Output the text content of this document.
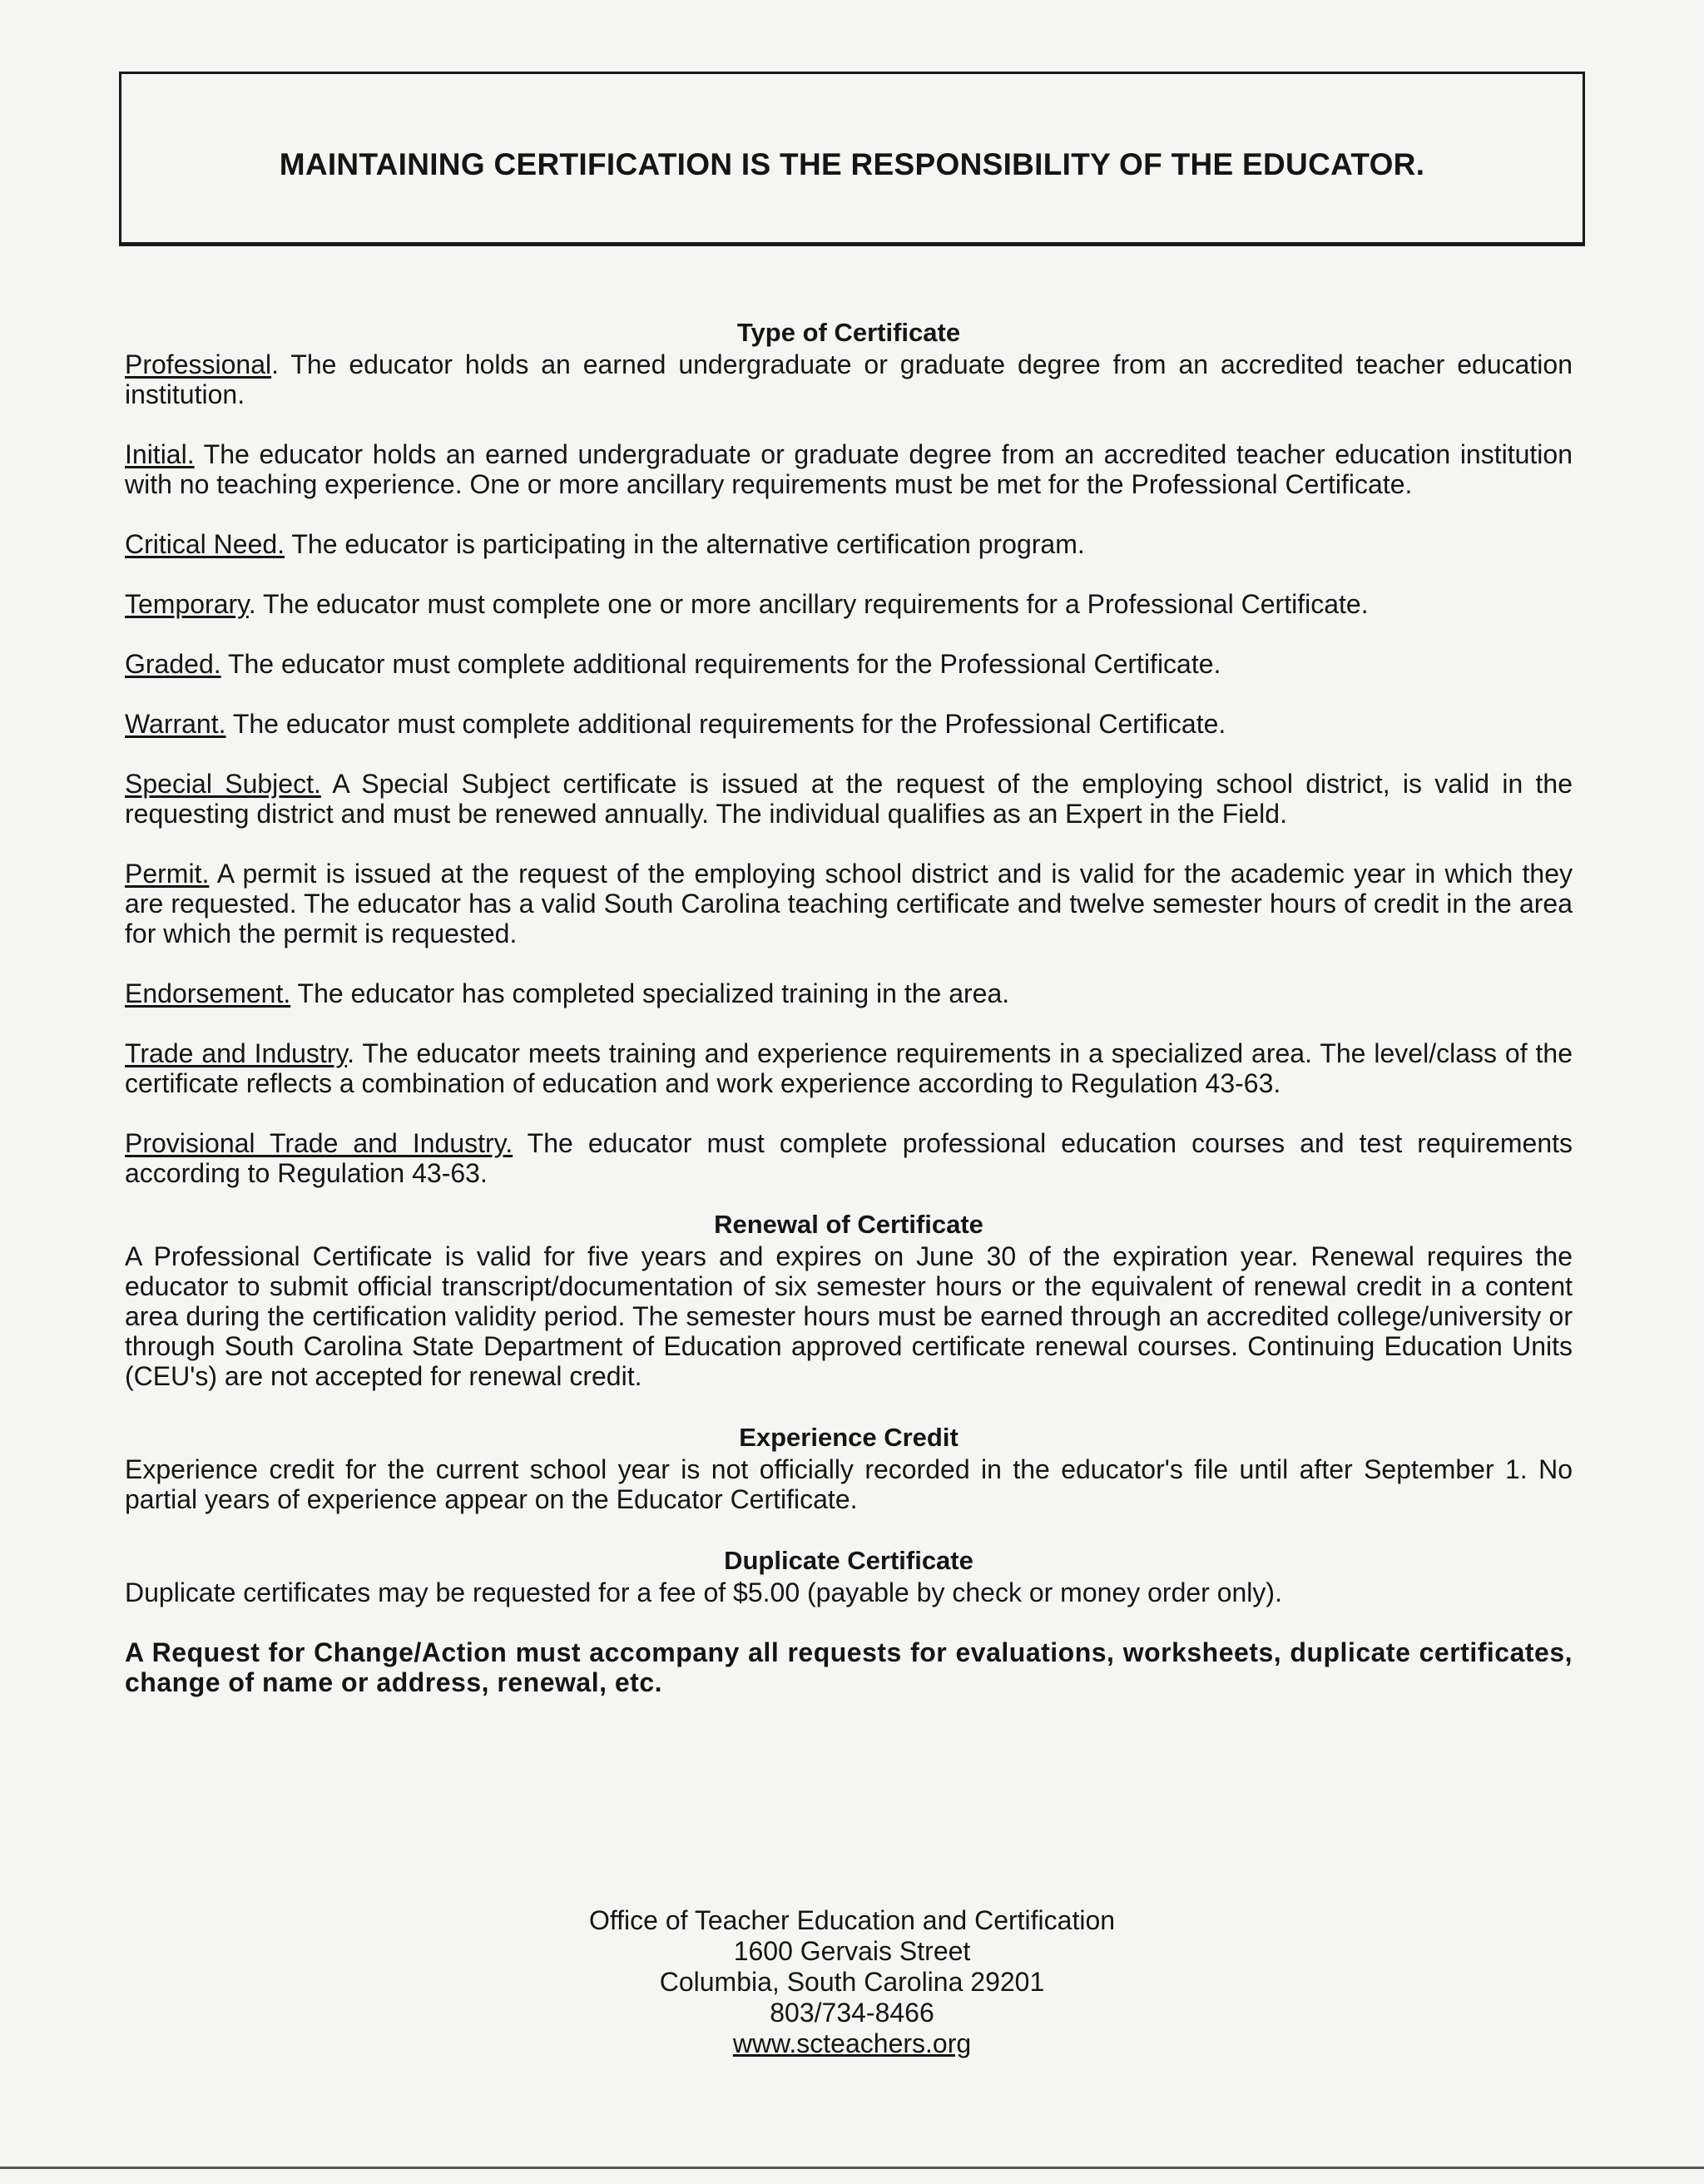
MAINTAINING CERTIFICATION IS THE RESPONSIBILITY OF THE EDUCATOR.
Type of Certificate

Professional. The educator holds an earned undergraduate or graduate degree from an accredited teacher education institution.

Initial. The educator holds an earned undergraduate or graduate degree from an accredited teacher education institution with no teaching experience. One or more ancillary requirements must be met for the Professional Certificate.

Critical Need. The educator is participating in the alternative certification program.

Temporary. The educator must complete one or more ancillary requirements for a Professional Certificate.

Graded. The educator must complete additional requirements for the Professional Certificate.

Warrant. The educator must complete additional requirements for the Professional Certificate.

Special Subject. A Special Subject certificate is issued at the request of the employing school district, is valid in the requesting district and must be renewed annually. The individual qualifies as an Expert in the Field.

Permit. A permit is issued at the request of the employing school district and is valid for the academic year in which they are requested. The educator has a valid South Carolina teaching certificate and twelve semester hours of credit in the area for which the permit is requested.

Endorsement. The educator has completed specialized training in the area.

Trade and Industry. The educator meets training and experience requirements in a specialized area. The level/class of the certificate reflects a combination of education and work experience according to Regulation 43-63.

Provisional Trade and Industry. The educator must complete professional education courses and test requirements according to Regulation 43-63.

Renewal of Certificate

A Professional Certificate is valid for five years and expires on June 30 of the expiration year. Renewal requires the educator to submit official transcript/documentation of six semester hours or the equivalent of renewal credit in a content area during the certification validity period. The semester hours must be earned through an accredited college/university or through South Carolina State Department of Education approved certificate renewal courses. Continuing Education Units (CEU's) are not accepted for renewal credit.

Experience Credit

Experience credit for the current school year is not officially recorded in the educator's file until after September 1. No partial years of experience appear on the Educator Certificate.

Duplicate Certificate

Duplicate certificates may be requested for a fee of $5.00 (payable by check or money order only).

A Request for Change/Action must accompany all requests for evaluations, worksheets, duplicate certificates, change of name or address, renewal, etc.

Office of Teacher Education and Certification
1600 Gervais Street
Columbia, South Carolina 29201
803/734-8466
www.scteachers.org
